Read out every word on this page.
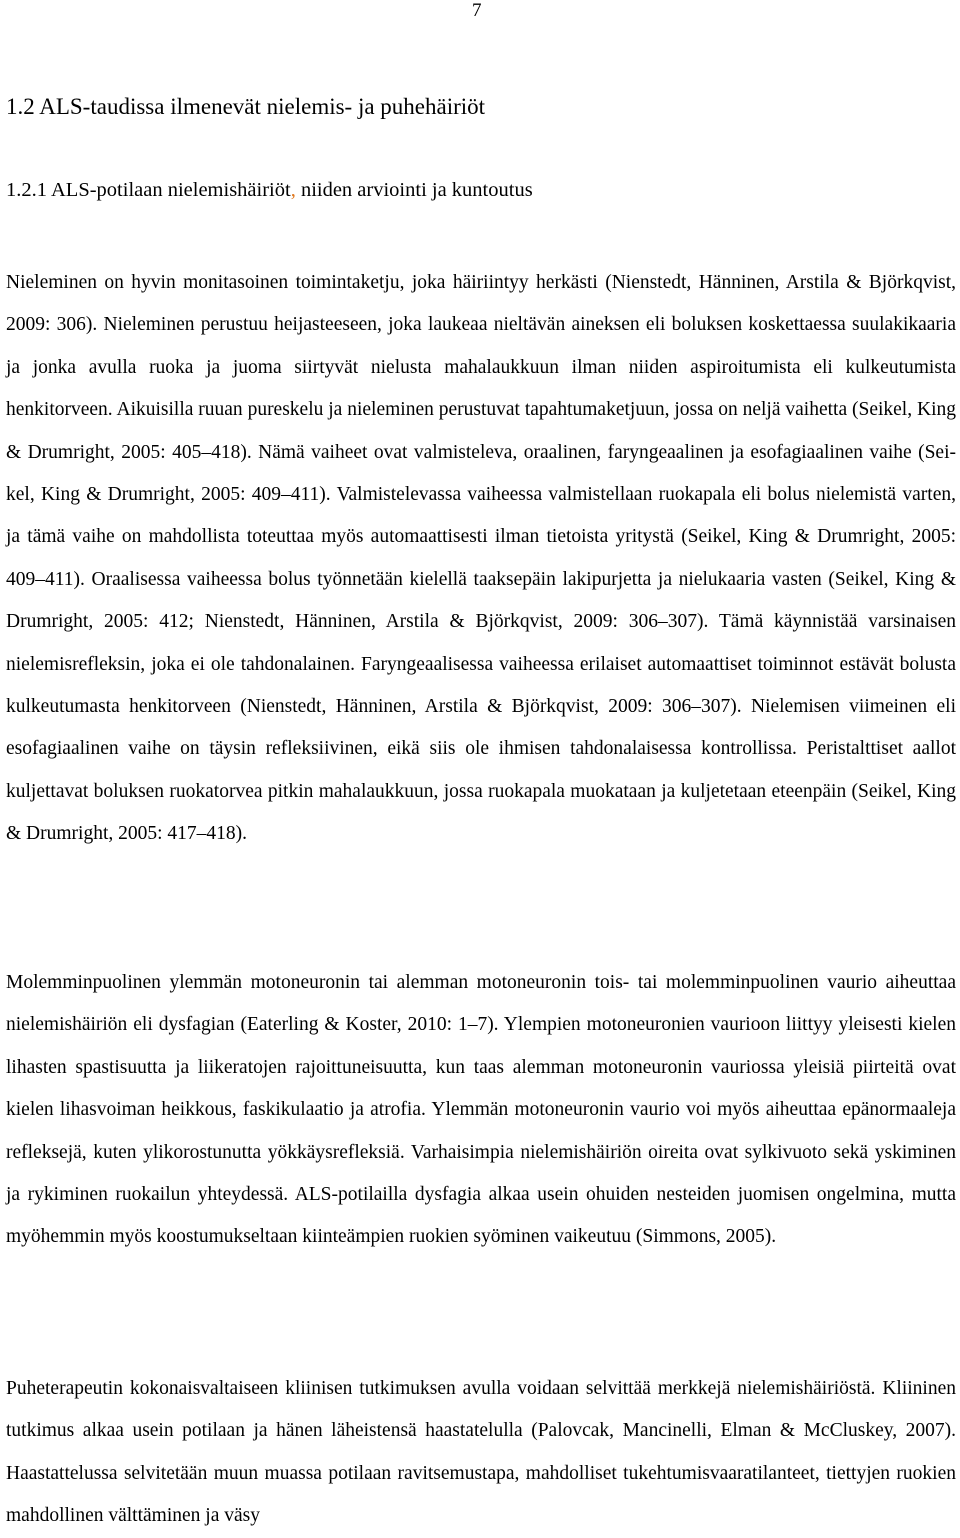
7
1.2 ALS-taudissa ilmenevät nielemis- ja puhehäiriöt
1.2.1 ALS-potilaan nielemishäiriöt, niiden arviointi ja kuntoutus

Nieleminen on hyvin monitasoinen toimintaketju, joka häiriintyy herkästi (Nienstedt, Hänninen, Arstila & Björkqvist, 2009: 306). Nieleminen perustuu heijasteeseen, joka laukeaa nieltävän aineksen eli boluksen koskettaessa suulakikaaria ja jonka avulla ruoka ja juoma siirtyvät nielusta mahalaukkuun ilman niiden aspiroitumista eli kulkeutumista henkitorveen. Aikuisilla ruuan pureskelu ja nieleminen perustuvat tapahtumaketjuun, jossa on neljä vaihetta (Seikel, King & Drumright, 2005: 405–418). Nämä vaiheet ovat valmisteleva, oraalinen, faryngeaalinen ja esofagiaalinen vaihe (Seikel, King & Drumright, 2005: 409–411). Valmistelevassa vaiheessa valmistellaan ruokapala eli bolus nielemistä varten, ja tämä vaihe on mahdollista toteuttaa myös automaattisesti ilman tietoista yritystä (Seikel, King & Drumright, 2005: 409–411). Oraalisessa vaiheessa bolus työnnetään kielellä taaksepäin lakipurjetta ja nielukaaria vasten (Seikel, King & Drumright, 2005: 412; Nienstedt, Hänninen, Arstila & Björkqvist, 2009: 306–307). Tämä käynnistää varsinaisen nielemisrefleksin, joka ei ole tahdonalainen. Faryngeaalisessa vaiheessa erilaiset automaattiset toiminnot estävät bolusta kulkeutumasta henkitorveen (Nienstedt, Hänninen, Arstila & Björkqvist, 2009: 306–307). Nielemisen viimeinen eli esofagiaalinen vaihe on täysin refleksiivinen, eikä siis ole ihmisen tahdonalaisessa kontrollissa. Peristalttiset aallot kuljettavat boluksen ruokatorvea pitkin mahalaukkuun, jossa ruokapala muokataan ja kuljetetaan eteenpäin (Seikel, King & Drumright, 2005: 417–418).

Molemminpuolinen ylemmän motoneuronin tai alemman motoneuronin tois- tai molemminpuolinen vaurio aiheuttaa nielemishäiriön eli dysfagian (Eaterling & Koster, 2010: 1–7). Ylempien motoneuronien vaurioon liittyy yleisesti kielen lihasten spastisuutta ja liikeratojen rajoittuneisuutta, kun taas alemman motoneuronin vauriossa yleisiä piirteitä ovat kielen lihasvoiman heikkous, faskikulaatio ja atrofia. Ylemmän motoneuronin vaurio voi myös aiheuttaa epänormaaleja refleksejä, kuten ylikorostunutta yökkäysrefleksiä. Varhaisimpia nielemishäiriön oireita ovat sylkivuoto sekä yskiminen ja rykiminen ruokailun yhteydessä. ALS-potilailla dysfagia alkaa usein ohuiden nesteiden juomisen ongelmina, mutta myöhemmin myös koostumukseltaan kiinteämpien ruokien syöminen vaikeutuu (Simmons, 2005).

Puheterapeutin kokonaisvaltaiseen kliinisen tutkimuksen avulla voidaan selvittää merkkejä nielemishäiriöstä. Kliininen tutkimus alkaa usein potilaan ja hänen läheistensä haastatelulla (Palovcak, Mancinelli, Elman & McCluskey, 2007). Haastattelussa selvitetään muun muassa potilaan ravitsemustapa, mahdolliset tukehtumisvaaratilanteet, tiettyjen ruokien mahdollinen välttäminen ja väsy
